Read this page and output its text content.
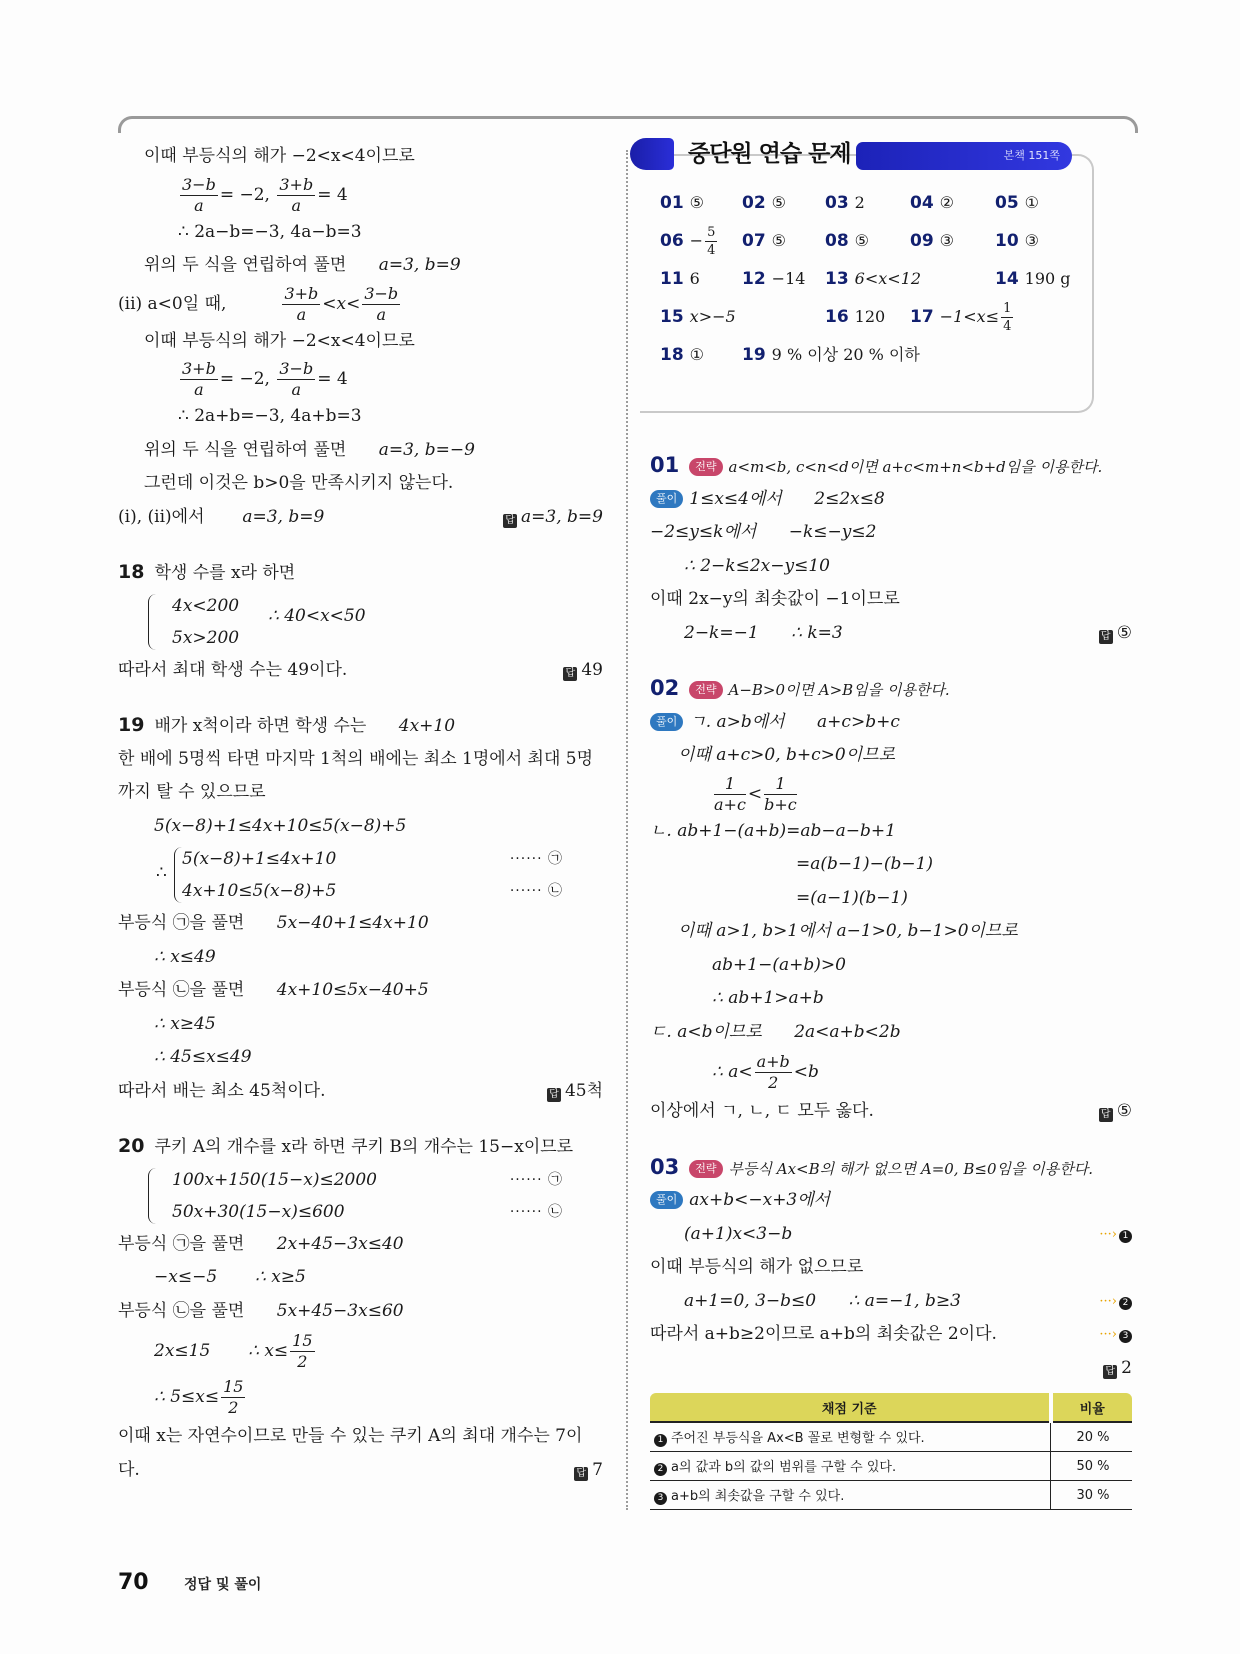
이때 부등식의 해가 −2<x<4이므로
$\frac{3-b}{a} = -2$, $\frac{3+b}{a} = 4$
∴ 2a−b=−3, 4a−b=3
위의 두 식을 연립하여 풀면 a=3, b=9
(ii) a<0일 때,	$\frac{3+b}{a} <x< \frac{3-b}{a}$
이때 부등식의 해가 −2<x<4이므로
$\frac{3+b}{a} = -2$, $\frac{3-b}{a} = 4$
∴ 2a+b=−3, 4a+b=3
위의 두 식을 연립하여 풀면 a=3, b=−9
그런데 이것은 b>0을 만족시키지 않는다.
(i), (ii)에서 a=3, b=9	답 a=3, b=9
18 학생 수를 x라 하면
4x<200
5x>200
∴ 40<x<50
따라서 최대 학생 수는 49이다.	답 49
19 배가 x척이라 하면 학생 수는 4x+10
한 배에 5명씩 타면 마지막 1척의 배에는 최소 1명에서 최대 5명
까지 탈 수 있으므로
5(x−8)+1≤4x+10≤5(x−8)+5
∴
5(x−8)+1≤4x+10
4x+10≤5(x−8)+5
······ ㉠
······ ㉡
부등식 ㉠을 풀면 5x−40+1≤4x+10
∴ x≤49
부등식 ㉡을 풀면 4x+10≤5x−40+5
∴ x≥45
∴ 45≤x≤49
따라서 배는 최소 45척이다.	답 45척
20 쿠키 A의 개수를 x라 하면 쿠키 B의 개수는 15−x이므로
100x+150(15−x)≤2000
50x+30(15−x)≤600
······ ㉠
······ ㉡
부등식 ㉠을 풀면 2x+45−3x≤40
−x≤−5 ∴ x≥5
부등식 ㉡을 풀면 5x+45−3x≤60
2x≤15 ∴ $x\le \frac{15}{2}$
∴ $5\le x\le \frac{15}{2}$
이때 x는 자연수이므로 만들 수 있는 쿠키 A의 최대 개수는 7이
다.	답 7
중단원 연습 문제	본책 151쪽
01 ⑤ 02 ⑤ 03 2	04 ② 05 ①
$06 - \frac{5}{4} 07$ ⑤ 08 ⑤ 09 ③ 10 ③
11 6 12 −14 13 6<x<12	14 190 g
15 x>−5	16 120 $17 -1<x\le \frac{1}{4}$
18 ① 19 9 % 이상 20 % 이하
01 전략 a<m<b, c<n<d이면 a+c<m+n<b+d임을 이용한다.
풀이 1≤x≤4에서 2≤2x≤8
−2≤y≤k에서 −k≤−y≤2
∴ 2−k≤2x−y≤10
이때 2x−y의 최솟값이 −1이므로
2−k=−1 ∴ k=3	답 ⑤
02 전략 A−B>0이면 A>B임을 이용한다.
풀이 ㄱ. a>b에서 a+c>b+c
이때 a+c>0, b+c>0이므로
$\frac{1}{a+c} < \frac{1}{b+c}$
ㄴ. ab+1−(a+b)=ab−a−b+1
=a(b−1)−(b−1)
=(a−1)(b−1)
이때 a>1, b>1에서 a−1>0, b−1>0이므로
ab+1−(a+b)>0
∴ ab+1>a+b
ㄷ. a<b이므로 2a<a+b<2b
∴ $a< \frac{a+b}{2} <b$
이상에서 ㄱ, ㄴ, ㄷ 모두 옳다.	답 ⑤
03 전략 부등식 Ax<B의 해가 없으면 A=0, B≤0임을 이용한다.
풀이 ax+b<−x+3에서
(a+1)x<3−b	···› 1
이때 부등식의 해가 없으므로
a+1=0, 3−b≤0 ∴ a=−1, b≥3	···› 2
따라서 a+b≥2이므로 a+b의 최솟값은 2이다.	···› 3
답 2
채점 기준	비율
1 주어진 부등식을 Ax<B 꼴로 변형할 수 있다.	20 %
2 a의 값과 b의 값의 범위를 구할 수 있다.	50 %
3 a+b의 최솟값을 구할 수 있다.	30 %
70	정답 및 풀이
